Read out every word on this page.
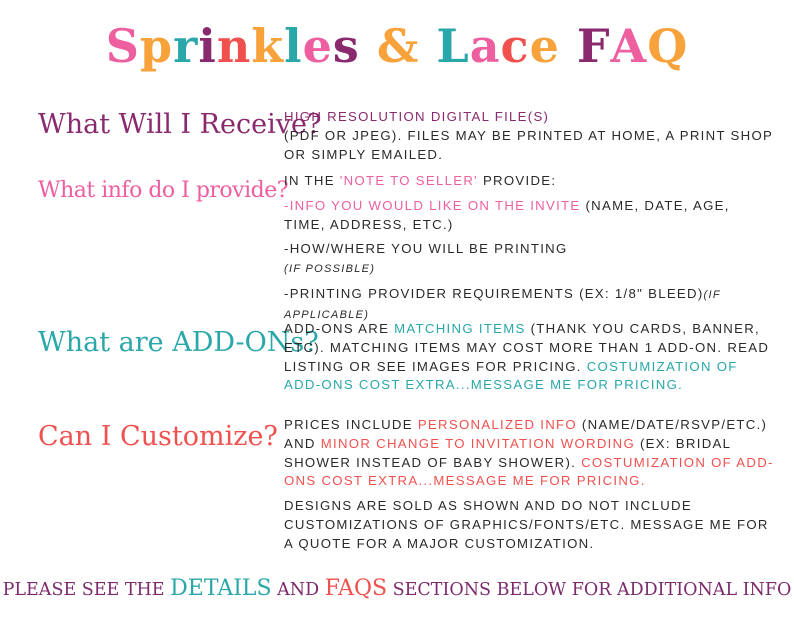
Sprinkles & Lace FAQ
What Will I Receive?

HIGH RESOLUTION DIGITAL FILE(S)
(PDF OR JPEG). FILES MAY BE PRINTED AT HOME, A PRINT SHOP OR SIMPLY EMAILED.

What info do I provide?

IN THE 'NOTE TO SELLER' PROVIDE:

-INFO YOU WOULD LIKE ON THE INVITE (NAME, DATE, AGE, TIME, ADDRESS, ETC.)

-HOW/WHERE YOU WILL BE PRINTING
(IF POSSIBLE)

-PRINTING PROVIDER REQUIREMENTS (EX: 1/8" BLEED)(IF APPLICABLE)

What are ADD-ONs?

ADD-ONS ARE MATCHING ITEMS (THANK YOU CARDS, BANNER, ETC). MATCHING ITEMS MAY COST MORE THAN 1 ADD-ON. READ LISTING OR SEE IMAGES FOR PRICING. COSTUMIZATION OF ADD-ONS COST EXTRA...MESSAGE ME FOR PRICING.

Can I Customize? PRICES INCLUDE PERSONALIZED INFO (NAME/DATE/RSVP/ETC.) AND MINOR CHANGE TO INVITATION WORDING (EX: BRIDAL SHOWER INSTEAD OF BABY SHOWER). COSTUMIZATION OF ADD-ONS COST EXTRA...MESSAGE ME FOR PRICING.

DESIGNS ARE SOLD AS SHOWN AND DO NOT INCLUDE CUSTOMIZATIONS OF GRAPHICS/FONTS/ETC. MESSAGE ME FOR A QUOTE FOR A MAJOR CUSTOMIZATION.

PLEASE SEE THE DETAILS AND FAQS SECTIONS BELOW FOR ADDITIONAL INFO
